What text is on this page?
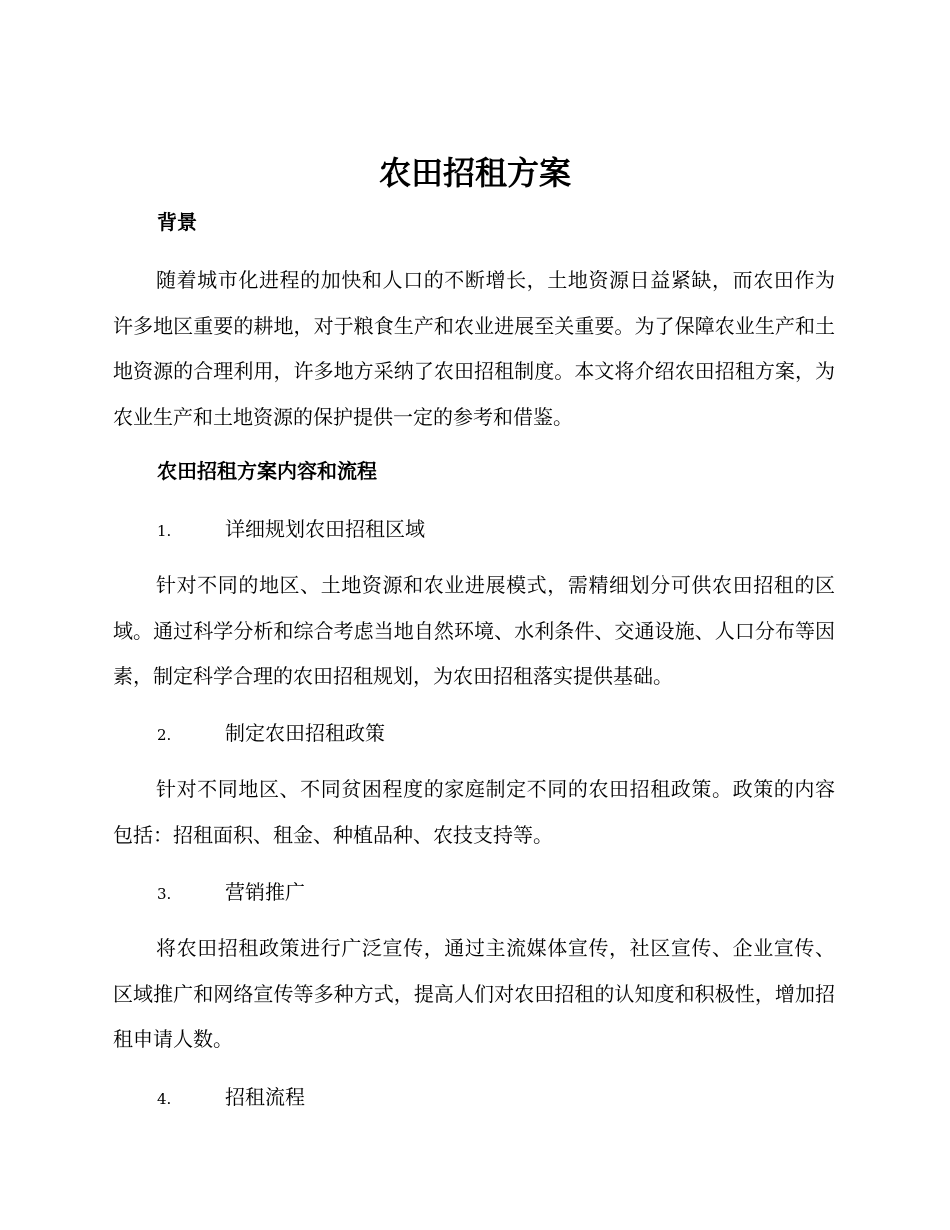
农田招租方案
背景
随着城市化进程的加快和人口的不断增长，土地资源日益紧缺，而农田作为许多地区重要的耕地，对于粮食生产和农业进展至关重要。为了保障农业生产和土地资源的合理利用，许多地方采纳了农田招租制度。本文将介绍农田招租方案，为农业生产和土地资源的保护提供一定的参考和借鉴。
农田招租方案内容和流程
1.	详细规划农田招租区域
针对不同的地区、土地资源和农业进展模式，需精细划分可供农田招租的区域。通过科学分析和综合考虑当地自然环境、水利条件、交通设施、人口分布等因素，制定科学合理的农田招租规划，为农田招租落实提供基础。
2.	制定农田招租政策
针对不同地区、不同贫困程度的家庭制定不同的农田招租政策。政策的内容包括：招租面积、租金、种植品种、农技支持等。
3.	营销推广
将农田招租政策进行广泛宣传，通过主流媒体宣传，社区宣传、企业宣传、区域推广和网络宣传等多种方式，提高人们对农田招租的认知度和积极性，增加招租申请人数。
4.	招租流程
